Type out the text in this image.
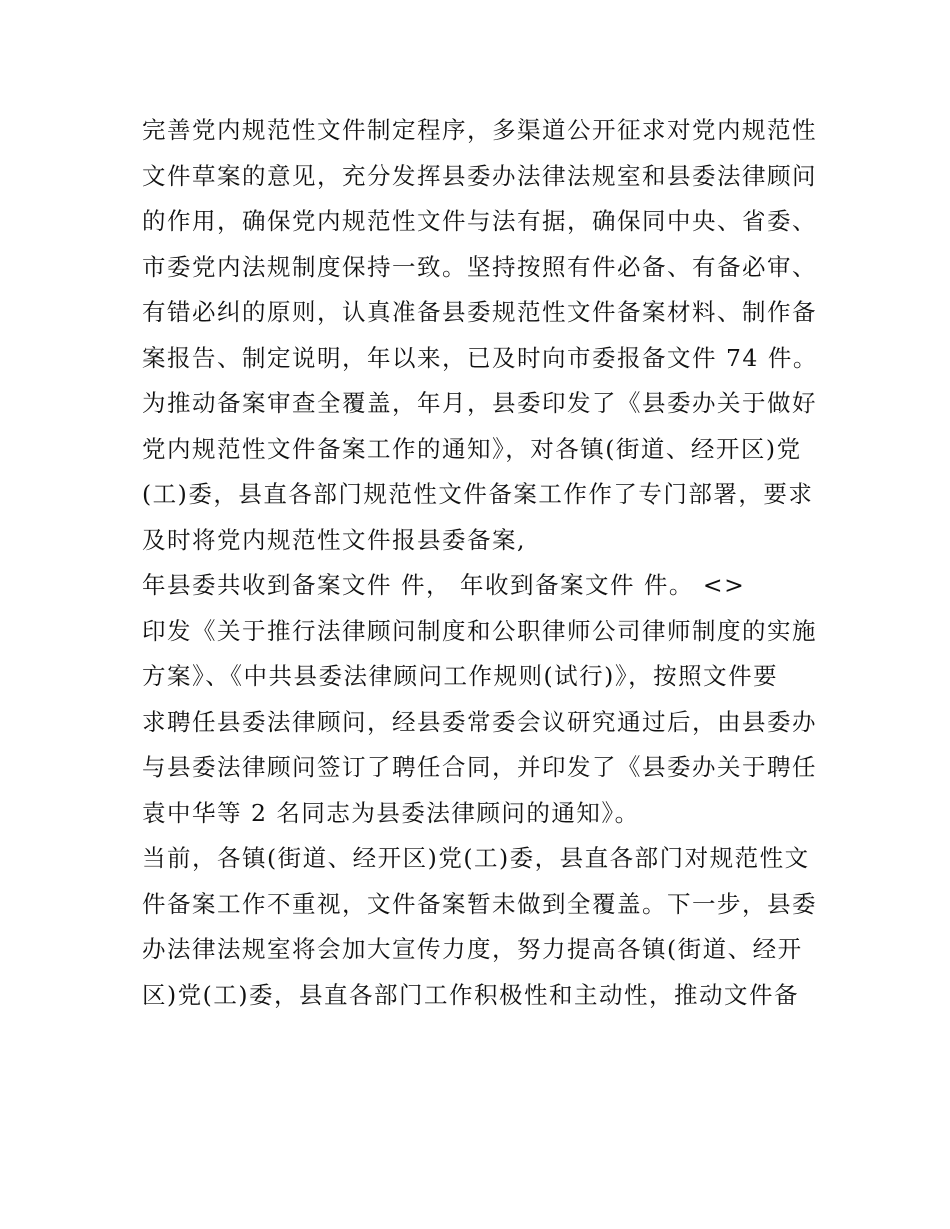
完善党内规范性文件制定程序，多渠道公开征求对党内规范性
文件草案的意见，充分发挥县委办法律法规室和县委法律顾问
的作用，确保党内规范性文件与法有据，确保同中央、省委、
市委党内法规制度保持一致。坚持按照有件必备、有备必审、
有错必纠的原则，认真准备县委规范性文件备案材料、制作备
案报告、制定说明，年以来，已及时向市委报备文件 74 件。
为推动备案审查全覆盖，年月，县委印发了《县委办关于做好
党内规范性文件备案工作的通知》，对各镇(街道、经开区)党
(工)委，县直各部门规范性文件备案工作作了专门部署，要求
及时将党内规范性文件报县委备案,
年县委共收到备案文件 件， 年收到备案文件 件。 <>
印发《关于推行法律顾问制度和公职律师公司律师制度的实施
方案》、《中共县委法律顾问工作规则(试行)》，按照文件要
求聘任县委法律顾问，经县委常委会议研究通过后，由县委办
与县委法律顾问签订了聘任合同，并印发了《县委办关于聘任
袁中华等 2 名同志为县委法律顾问的通知》。
当前，各镇(街道、经开区)党(工)委，县直各部门对规范性文
件备案工作不重视，文件备案暂未做到全覆盖。下一步，县委
办法律法规室将会加大宣传力度，努力提高各镇(街道、经开
区)党(工)委，县直各部门工作积极性和主动性，推动文件备
